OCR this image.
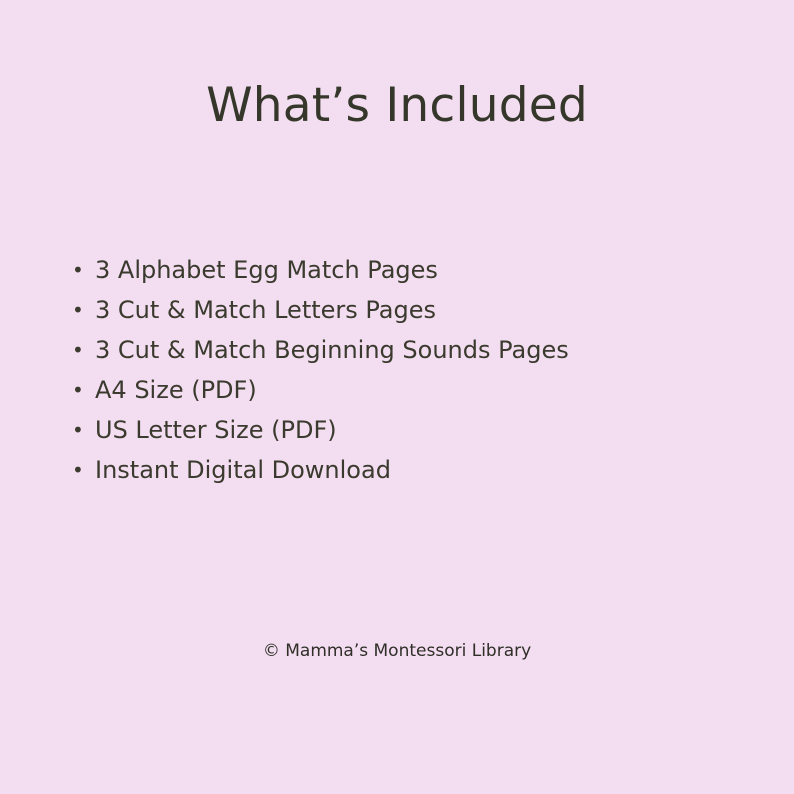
What’s Included
• 3 Alphabet Egg Match Pages
• 3 Cut & Match Letters Pages
• 3 Cut & Match Beginning Sounds Pages
• A4 Size (PDF)
• US Letter Size (PDF)
• Instant Digital Download

© Mamma’s Montessori Library
